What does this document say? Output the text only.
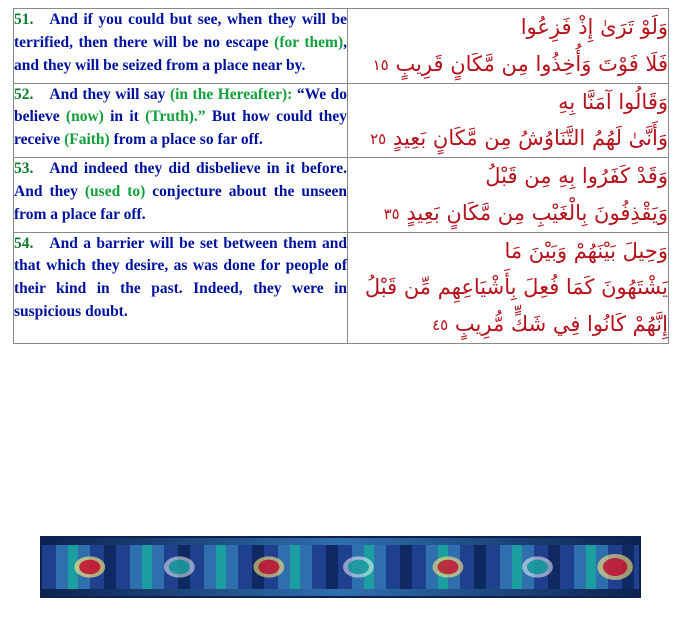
51. And if you could but see, when they will be terrified, then there will be no escape (for them), and they will be seized from a place near by.	وَلَوْ تَرَىٰ إِذْ فَزِعُوا
فَلَا فَوْتَ وَأُخِذُوا مِن مَّكَانٍ قَرِيبٍ ٥١

52. And they will say (in the Hereafter): “We do believe (now) in it (Truth).” But how could they receive (Faith) from a place so far off.	وَقَالُوا آمَنَّا بِهِ
وَأَنَّىٰ لَهُمُ التَّنَاوُشُ مِن مَّكَانٍ بَعِيدٍ ٥٢

53. And indeed they did disbelieve in it before. And they (used to) conjecture about the unseen from a place far off.	وَقَدْ كَفَرُوا بِهِ مِن قَبْلُ
وَيَقْذِفُونَ بِالْغَيْبِ مِن مَّكَانٍ بَعِيدٍ ٥٣

54. And a barrier will be set between them and that which they desire, as was done for people of their kind in the past. Indeed, they were in suspicious doubt.	وَحِيلَ بَيْنَهُمْ وَبَيْنَ مَا
يَشْتَهُونَ كَمَا فُعِلَ بِأَشْيَاعِهِم مِّن قَبْلُ
إِنَّهُمْ كَانُوا فِي شَكٍّ مُّرِيبٍ ٥٤
